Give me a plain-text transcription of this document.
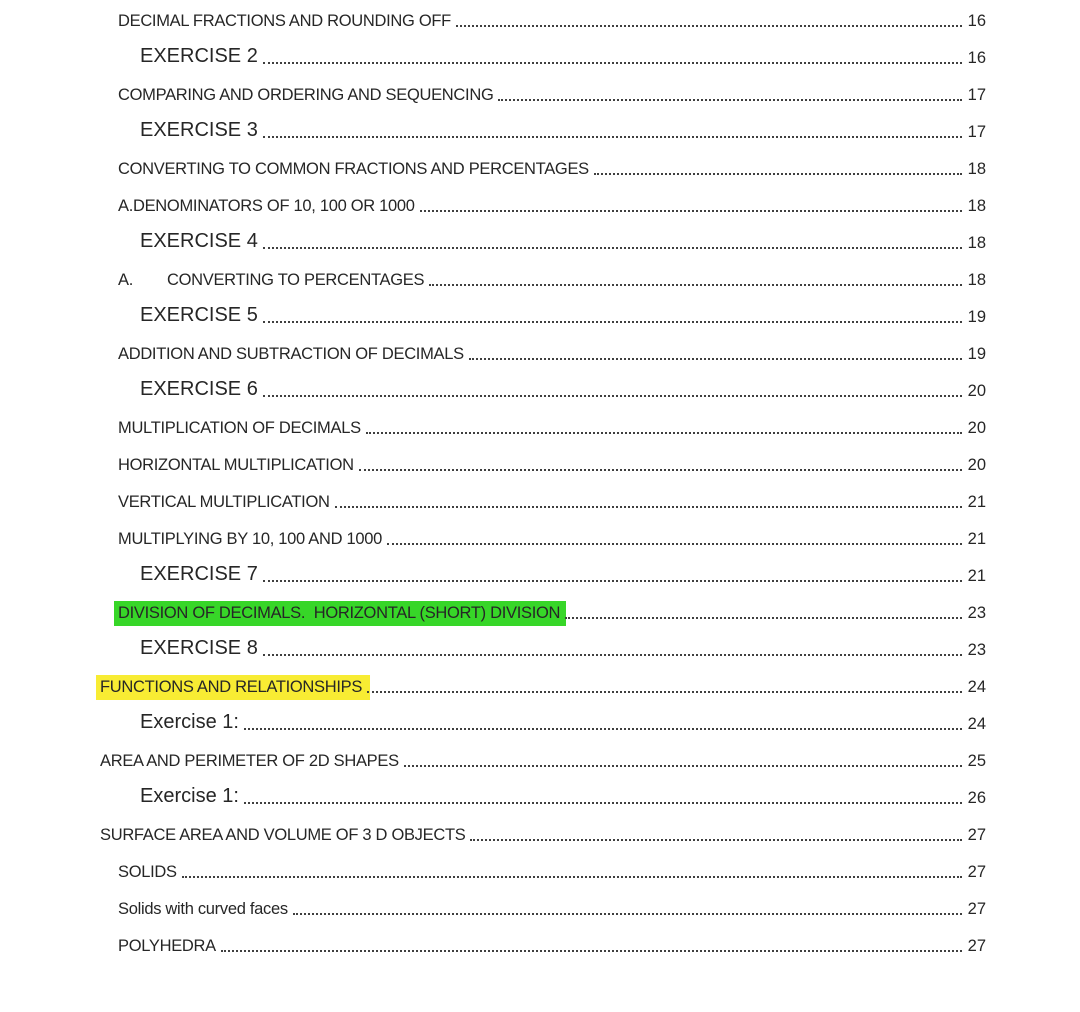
DECIMAL FRACTIONS AND ROUNDING OFF	16
EXERCISE 2	16
COMPARING AND ORDERING AND SEQUENCING	17
EXERCISE 3	17
CONVERTING TO COMMON FRACTIONS AND PERCENTAGES	18
A.DENOMINATORS OF 10, 100 OR 1000	18
EXERCISE 4	18
A.	CONVERTING TO PERCENTAGES	18
EXERCISE 5	19
ADDITION AND SUBTRACTION OF DECIMALS	19
EXERCISE 6	20
MULTIPLICATION OF DECIMALS	20
HORIZONTAL MULTIPLICATION	20
VERTICAL MULTIPLICATION	21
MULTIPLYING BY 10, 100 AND 1000	21
EXERCISE 7	21
DIVISION OF DECIMALS.  HORIZONTAL (SHORT) DIVISION	23
EXERCISE 8	23
FUNCTIONS AND RELATIONSHIPS	24
Exercise 1:	24
AREA AND PERIMETER OF 2D SHAPES	25
Exercise 1:	26
SURFACE AREA AND VOLUME OF 3 D OBJECTS	27
SOLIDS	27
Solids with curved faces	27
POLYHEDRA	27
